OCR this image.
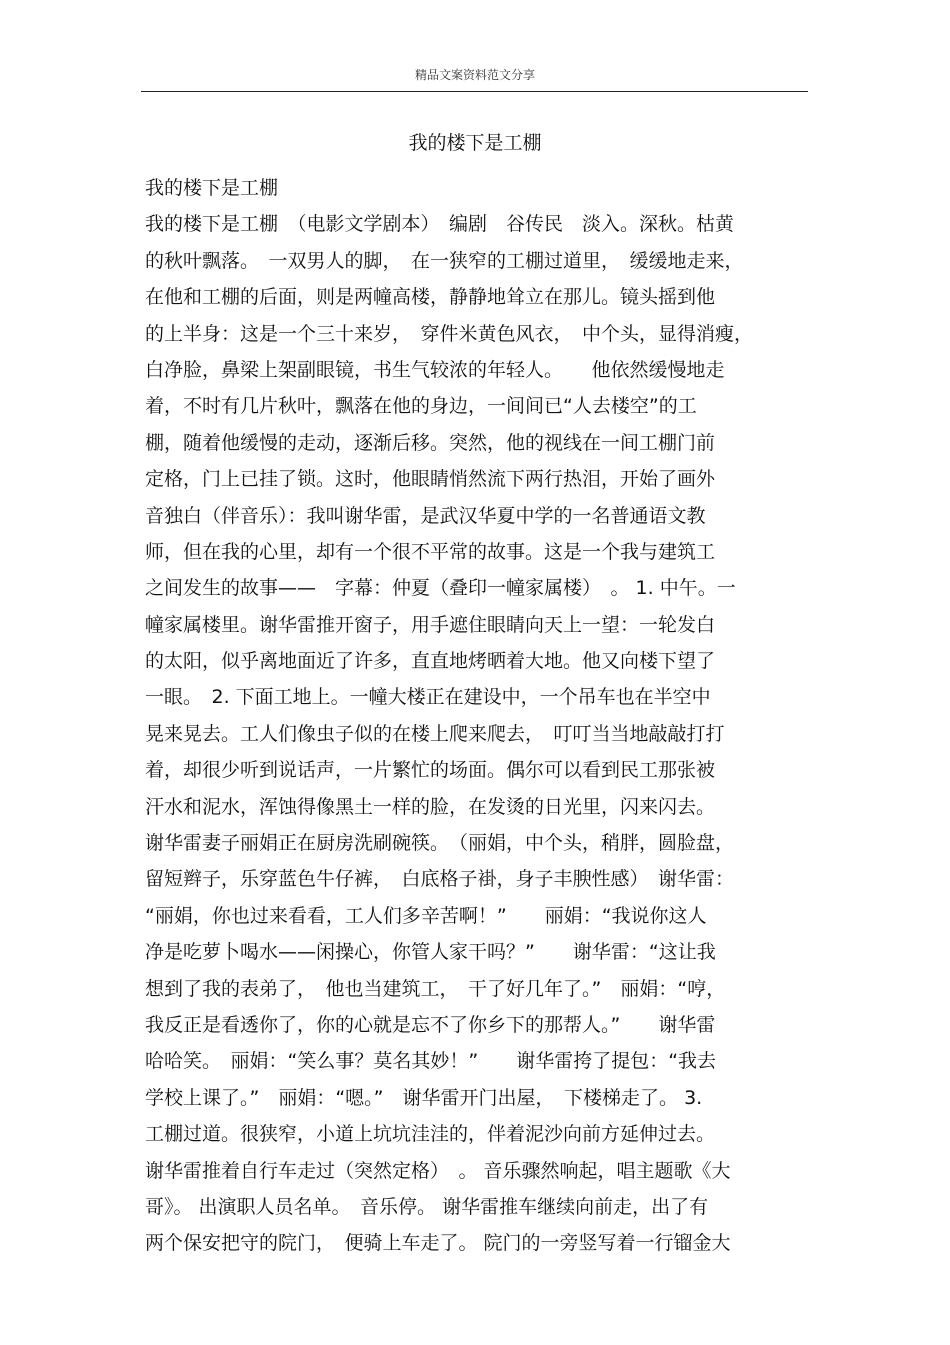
精品文案资料范文分享
我的楼下是工棚
我的楼下是工棚
我的楼下是工棚　（电影文学剧本）　编剧　谷传民　淡入。深秋。枯黄
的秋叶飘落。　一双男人的脚，　在一狭窄的工棚过道里，　缓缓地走来，
在他和工棚的后面，则是两幢高楼，静静地耸立在那儿。镜头摇到他
的上半身：这是一个三十来岁，　穿件米黄色风衣，　中个头，显得消瘦，
白净脸，鼻梁上架副眼镜，书生气较浓的年轻人。　　他依然缓慢地走
着，不时有几片秋叶，飘落在他的身边，一间间已“人去楼空”的工
棚，随着他缓慢的走动，逐渐后移。突然，他的视线在一间工棚门前
定格，门上已挂了锁。这时，他眼睛悄然流下两行热泪，开始了画外
音独白（伴音乐）：我叫谢华雷，是武汉华夏中学的一名普通语文教
师，但在我的心里，却有一个很不平常的故事。这是一个我与建筑工
之间发生的故事——　字幕：仲夏（叠印一幢家属楼）　。 1. 中午。一
幢家属楼里。谢华雷推开窗子，用手遮住眼睛向天上一望：一轮发白
的太阳，似乎离地面近了许多，直直地烤晒着大地。他又向楼下望了
一眼。　2. 下面工地上。一幢大楼正在建设中，一个吊车也在半空中
晃来晃去。工人们像虫子似的在楼上爬来爬去，　叮叮当当地敲敲打打
着，却很少听到说话声，一片繁忙的场面。偶尔可以看到民工那张被
汗水和泥水，浑蚀得像黑土一样的脸，在发烫的日光里，闪来闪去。
谢华雷妻子丽娟正在厨房洗刷碗筷。　（丽娟，中个头，稍胖，圆脸盘，
留短辫子，乐穿蓝色牛仔裤，　白底格子褂，身子丰腴性感）　谢华雷：
“丽娟，你也过来看看，工人们多辛苦啊！”　　丽娟：“我说你这人
净是吃萝卜喝水——闲操心，你管人家干吗？”　　谢华雷：“这让我
想到了我的表弟了，　他也当建筑工，　干了好几年了。”　丽娟：“哼，
我反正是看透你了，你的心就是忘不了你乡下的那帮人。”　　谢华雷
哈哈笑。　丽娟：“笑么事？莫名其妙！”　　谢华雷挎了提包：“我去
学校上课了。”　丽娟：“嗯。”　谢华雷开门出屋，　下楼梯走了。 3.
工棚过道。很狭窄，小道上坑坑洼洼的，伴着泥沙向前方延伸过去。
谢华雷推着自行车走过（突然定格）　。 音乐骤然响起，唱主题歌《大
哥》。 出演职人员名单。　音乐停。 谢华雷推车继续向前走，出了有
两个保安把守的院门，　便骑上车走了。 院门的一旁竖写着一行镏金大
